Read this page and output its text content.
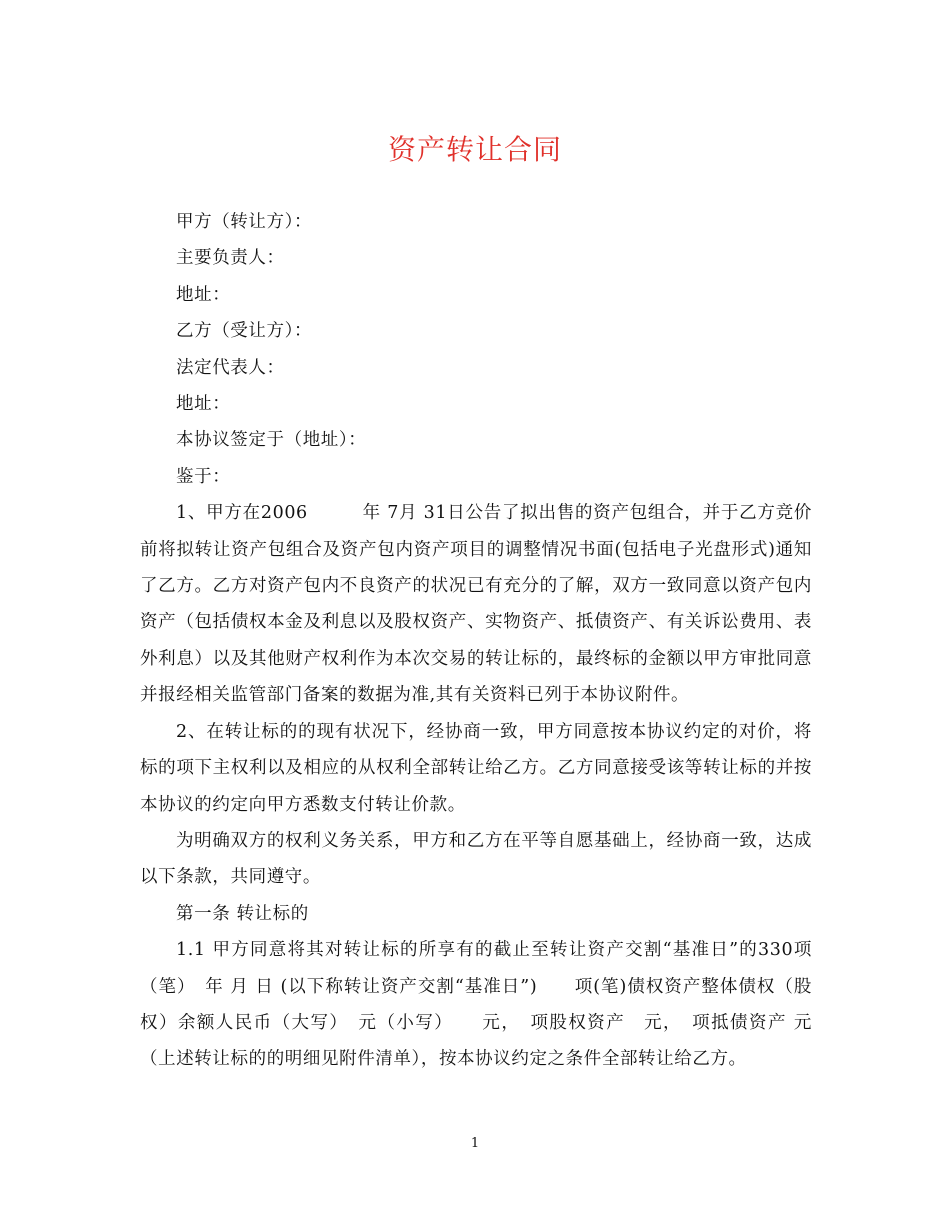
资产转让合同

甲方（转让方）：

主要负责人：

地址：

乙方（受让方）：

法定代表人：

地址：

本协议签定于（地址）：

鉴于：

1、甲方在2006　　　年 7月 31日公告了拟出售的资产包组合，并于乙方竞价前将拟转让资产包组合及资产包内资产项目的调整情况书面(包括电子光盘形式)通知了乙方。乙方对资产包内不良资产的状况已有充分的了解，双方一致同意以资产包内资产（包括债权本金及利息以及股权资产、实物资产、抵债资产、有关诉讼费用、表外利息）以及其他财产权利作为本次交易的转让标的，最终标的金额以甲方审批同意并报经相关监管部门备案的数据为准,其有关资料已列于本协议附件。

2、在转让标的的现有状况下，经协商一致，甲方同意按本协议约定的对价，将标的项下主权利以及相应的从权利全部转让给乙方。乙方同意接受该等转让标的并按本协议的约定向甲方悉数支付转让价款。

为明确双方的权利义务关系，甲方和乙方在平等自愿基础上，经协商一致，达成以下条款，共同遵守。

第一条 转让标的

1.1 甲方同意将其对转让标的所享有的截止至转让资产交割“基准日”的330项（笔）　年 月 日 (以下称转让资产交割“基准日”)　　项(笔)债权资产整体债权（股权）余额人民币（大写）　元（小写）　　元，　项股权资产　元，　项抵债资产 元（上述转让标的的明细见附件清单），按本协议约定之条件全部转让给乙方。

1
